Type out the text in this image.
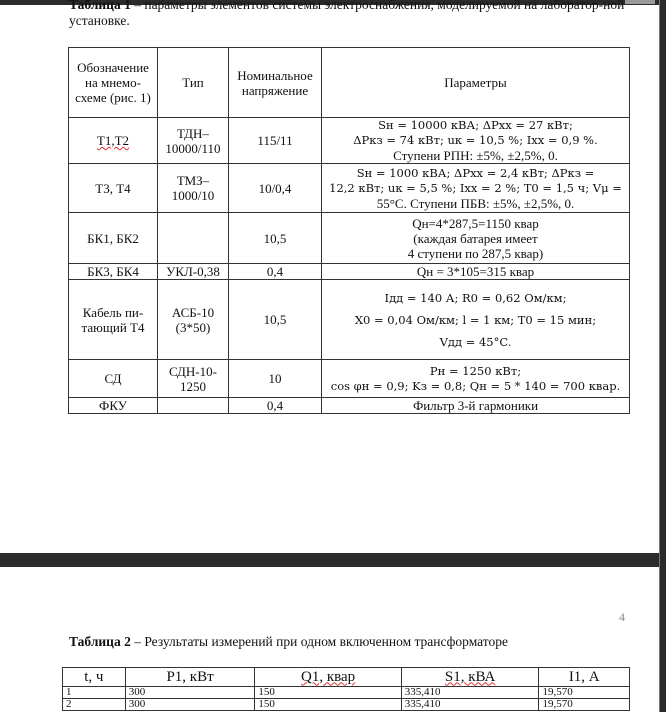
Таблица 1 – параметры элементов системы электроснабжения, моделируемой на лаборатор-ной установке.
Обозначение на мнемо-схеме (рис. 1)	Тип	Номинальное напряжение	Параметры
Т1,Т2	ТДН–10000/110	115/11	Sн = 10000 кВА; ΔPхх = 27 кВт;
ΔPкз = 74 кВт; uк = 10,5 %; Iхх = 0,9 %.
Ступени РПН: ±5%, ±2,5%, 0.

Т3, Т4	ТМЗ–1000/10	10/0,4	Sн = 1000 кВА; ΔPхх = 2,4 кВт; ΔPкз =
12,2 кВт; uк = 5,5 %; Iхх = 2 %; T0 = 1,5 ч; Vμ =
55°C. Ступени ПБВ: ±5%, ±2,5%, 0.

БК1, БК2		10,5	Qн=4*287,5=1150 квар
(каждая батарея имеет
4 ступени по 287,5 квар)

БК3, БК4	УКЛ-0,38	0,4	Qн = 3*105=315 квар
Кабель пи-тающий Т4	АСБ-10 (3*50)	10,5	Iдд = 140 А; R0 = 0,62 Ом/км;
X0 = 0,04 Ом/км; l = 1 км; T0 = 15 мин;
Vдд = 45°C.

СД	СДН-10-1250	10	Pн = 1250 кВт;
cos φн = 0,9; Kз = 0,8; Qн = 5 * 140 = 700 квар.

ФКУ		0,4	Фильтр 3-й гармоники
4
Таблица 2 – Результаты измерений при одном включенном трансформаторе
t, ч	P1, кВт	Q1, квар	S1, кВА	I1, А
1	300	150	335,410	19,570
2	300	150	335,410	19,570
